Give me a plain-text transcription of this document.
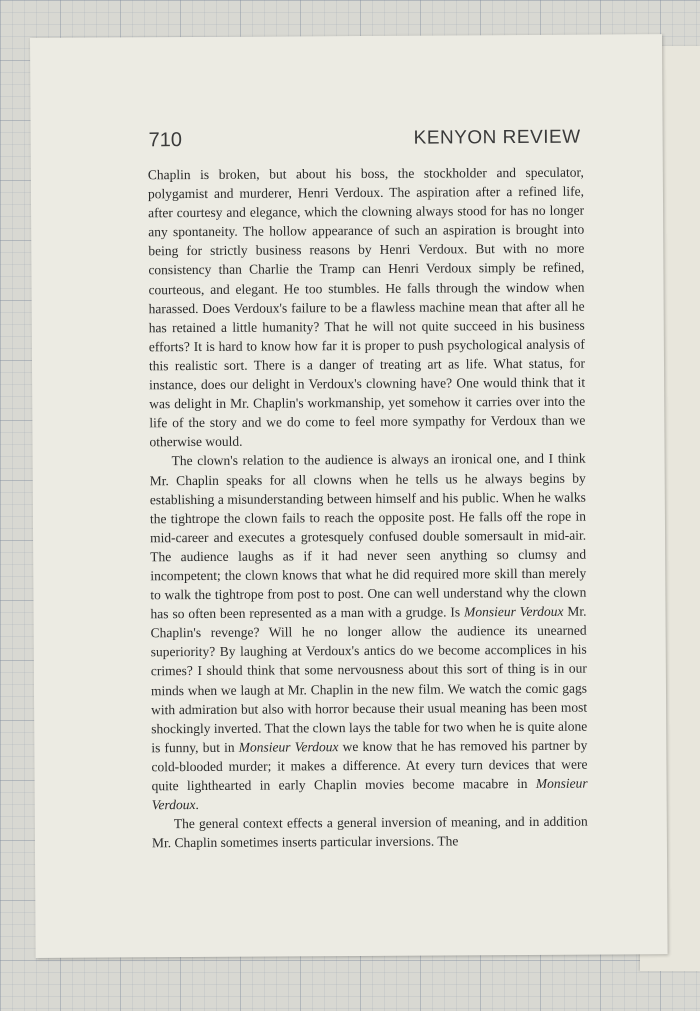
710	KENYON REVIEW

Chaplin is broken, but about his boss, the stockholder and speculator, polygamist and murderer, Henri Verdoux. The aspiration after a refined life, after courtesy and elegance, which the clowning always stood for has no longer any spontaneity. The hollow appearance of such an aspiration is brought into being for strictly business reasons by Henri Verdoux. But with no more consistency than Charlie the Tramp can Henri Verdoux simply be refined, courteous, and elegant. He too stumbles. He falls through the window when harassed. Does Verdoux's failure to be a flawless machine mean that after all he has retained a little humanity? That he will not quite succeed in his business efforts? It is hard to know how far it is proper to push psychological analysis of this realistic sort. There is a danger of treating art as life. What status, for instance, does our delight in Verdoux's clowning have? One would think that it was delight in Mr. Chaplin's workmanship, yet somehow it carries over into the life of the story and we do come to feel more sympathy for Verdoux than we otherwise would.

The clown's relation to the audience is always an ironical one, and I think Mr. Chaplin speaks for all clowns when he tells us he always begins by establishing a misunderstanding between himself and his public. When he walks the tightrope the clown fails to reach the opposite post. He falls off the rope in mid-career and executes a grotesquely confused double somersault in mid-air. The audience laughs as if it had never seen anything so clumsy and incompetent; the clown knows that what he did required more skill than merely to walk the tightrope from post to post. One can well understand why the clown has so often been represented as a man with a grudge. Is Monsieur Verdoux Mr. Chaplin's revenge? Will he no longer allow the audience its unearned superiority? By laughing at Verdoux's antics do we become accomplices in his crimes? I should think that some nervousness about this sort of thing is in our minds when we laugh at Mr. Chaplin in the new film. We watch the comic gags with admiration but also with horror because their usual meaning has been most shockingly inverted. That the clown lays the table for two when he is quite alone is funny, but in Monsieur Verdoux we know that he has removed his partner by cold-blooded murder; it makes a difference. At every turn devices that were quite lighthearted in early Chaplin movies become macabre in Monsieur Verdoux.

The general context effects a general inversion of meaning, and in addition Mr. Chaplin sometimes inserts particular inversions. The
